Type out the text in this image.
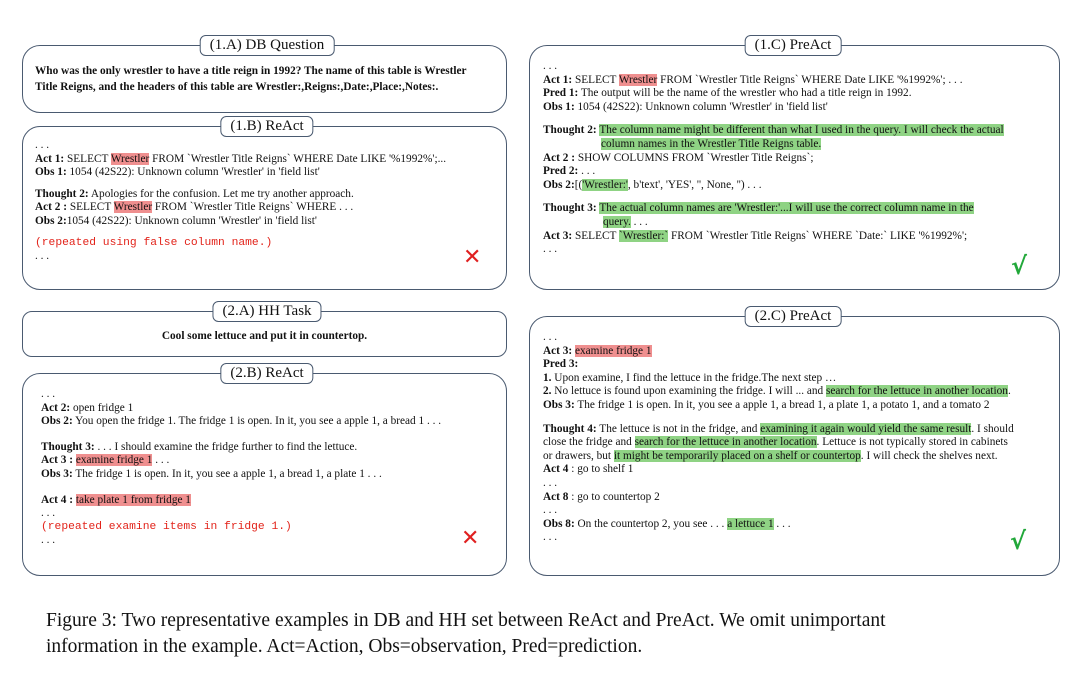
Who was the only wrestler to have a title reign in 1992? The name of this table is Wrestler
Title Reigns, and the headers of this table are Wrestler:,Reigns:,Date:,Place:,Notes:.
(1.A) DB Question
. . .
Act 1: SELECT Wrestler FROM `Wrestler Title Reigns` WHERE Date LIKE '%1992%';...
Obs 1: 1054 (42S22): Unknown column 'Wrestler' in 'field list'
Thought 2: Apologies for the confusion. Let me try another approach.
Act 2 : SELECT Wrestler FROM `Wrestler Title Reigns` WHERE . . .
Obs 2:1054 (42S22): Unknown column 'Wrestler' in 'field list'
(repeated using false column name.)
. . .	✕
(1.B) ReAct
. . .
Act 1: SELECT Wrestler FROM `Wrestler Title Reigns` WHERE Date LIKE '%1992%'; . . .
Pred 1: The output will be the name of the wrestler who had a title reign in 1992.
Obs 1: 1054 (42S22): Unknown column 'Wrestler' in 'field list'
Thought 2: The column name might be different than what I used in the query. I will check the actual
column names in the Wrestler Title Reigns table.
Act 2 : SHOW COLUMNS FROM `Wrestler Title Reigns`;
Pred 2: . . .
Obs 2:[('Wrestler:', b'text', 'YES', '', None, '') . . .
Thought 3: The actual column names are 'Wrestler:'...I will use the correct column name in the
query. . . .
Act 3: SELECT `Wrestler:` FROM `Wrestler Title Reigns` WHERE `Date:` LIKE '%1992%';
. . .
√
(1.C) PreAct
Cool some lettuce and put it in countertop.
(2.A) HH Task
. . .
Act 2: open fridge 1
Obs 2: You open the fridge 1. The fridge 1 is open. In it, you see a apple 1, a bread 1 . . .
Thought 3: . . . I should examine the fridge further to find the lettuce.
Act 3 : examine fridge 1 . . .
Obs 3: The fridge 1 is open. In it, you see a apple 1, a bread 1, a plate 1 . . .
Act 4 : take plate 1 from fridge 1
. . .
(repeated examine items in fridge 1.)
. . .	✕
(2.B) ReAct
. . .
Act 3: examine fridge 1
Pred 3:
1. Upon examine, I find the lettuce in the fridge.The next step …
2. No lettuce is found upon examining the fridge. I will ... and search for the lettuce in another location.
Obs 3: The fridge 1 is open. In it, you see a apple 1, a bread 1, a plate 1, a potato 1, and a tomato 2
Thought 4: The lettuce is not in the fridge, and examining it again would yield the same result. I should
close the fridge and search for the lettuce in another location. Lettuce is not typically stored in cabinets
or drawers, but it might be temporarily placed on a shelf or countertop. I will check the shelves next.
Act 4 : go to shelf 1
. . .
Act 8 : go to countertop 2
. . .
Obs 8: On the countertop 2, you see . . . a lettuce 1 . . .
. . .	√
(2.C) PreAct
Figure 3: Two representative examples in DB and HH set between ReAct and PreAct. We omit unimportant
information in the example. Act=Action, Obs=observation, Pred=prediction.
